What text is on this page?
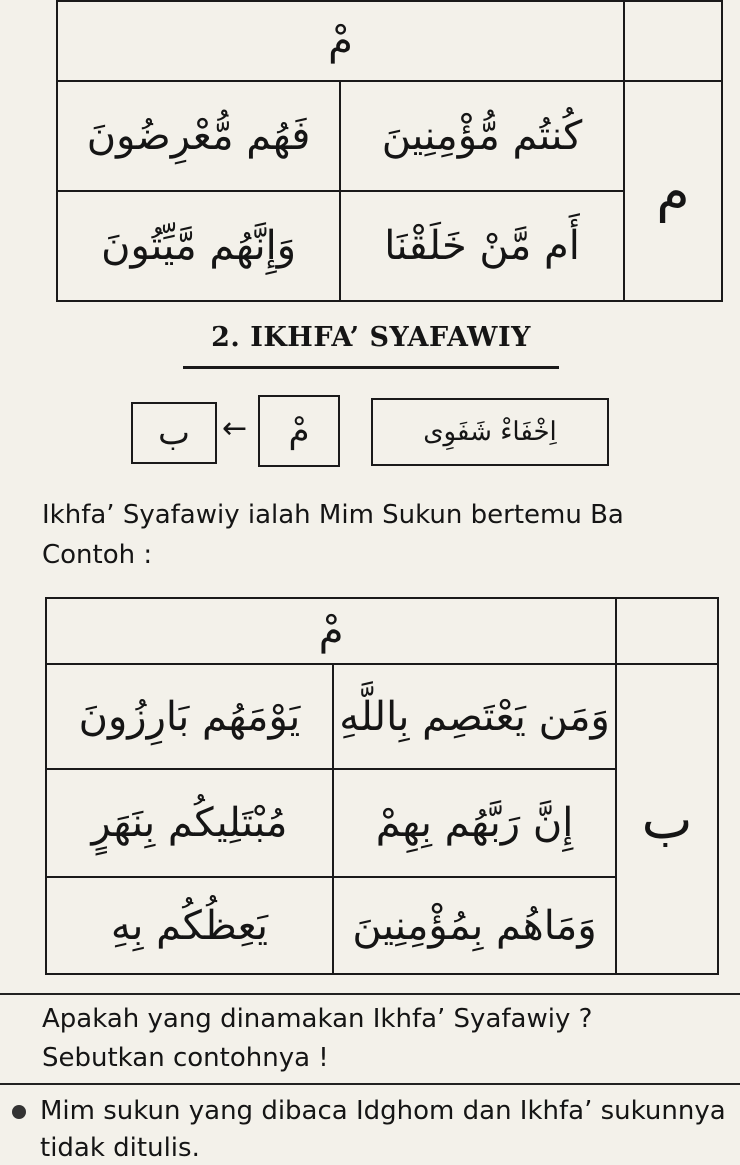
مْ		
فَهُم مُّعْرِضُونَ	كُنتُم مُّؤْمِنِينَ	م
وَإِنَّهُم مَّيِّتُونَ	أَم مَّنْ خَلَقْنَا	
2. IKHFA’ SYAFAWIY
ب	←	مْ	اِخْفَاءْ شَفَوِى
Ikhfa’ Syafawiy ialah Mim Sukun bertemu Ba
Contoh :
مْ		
يَوْمَهُم بَارِزُونَ	وَمَن يَعْتَصِم بِاللَّهِ	ب
مُبْتَلِيكُم بِنَهَرٍ	إِنَّ رَبَّهُم بِهِمْ	
يَعِظُكُم بِهِ	وَمَاهُم بِمُؤْمِنِينَ	
Apakah yang dinamakan Ikhfa’ Syafawiy ?
Sebutkan contohnya !
Mim sukun yang dibaca Idghom dan Ikhfa’ sukunnya
tidak ditulis.
